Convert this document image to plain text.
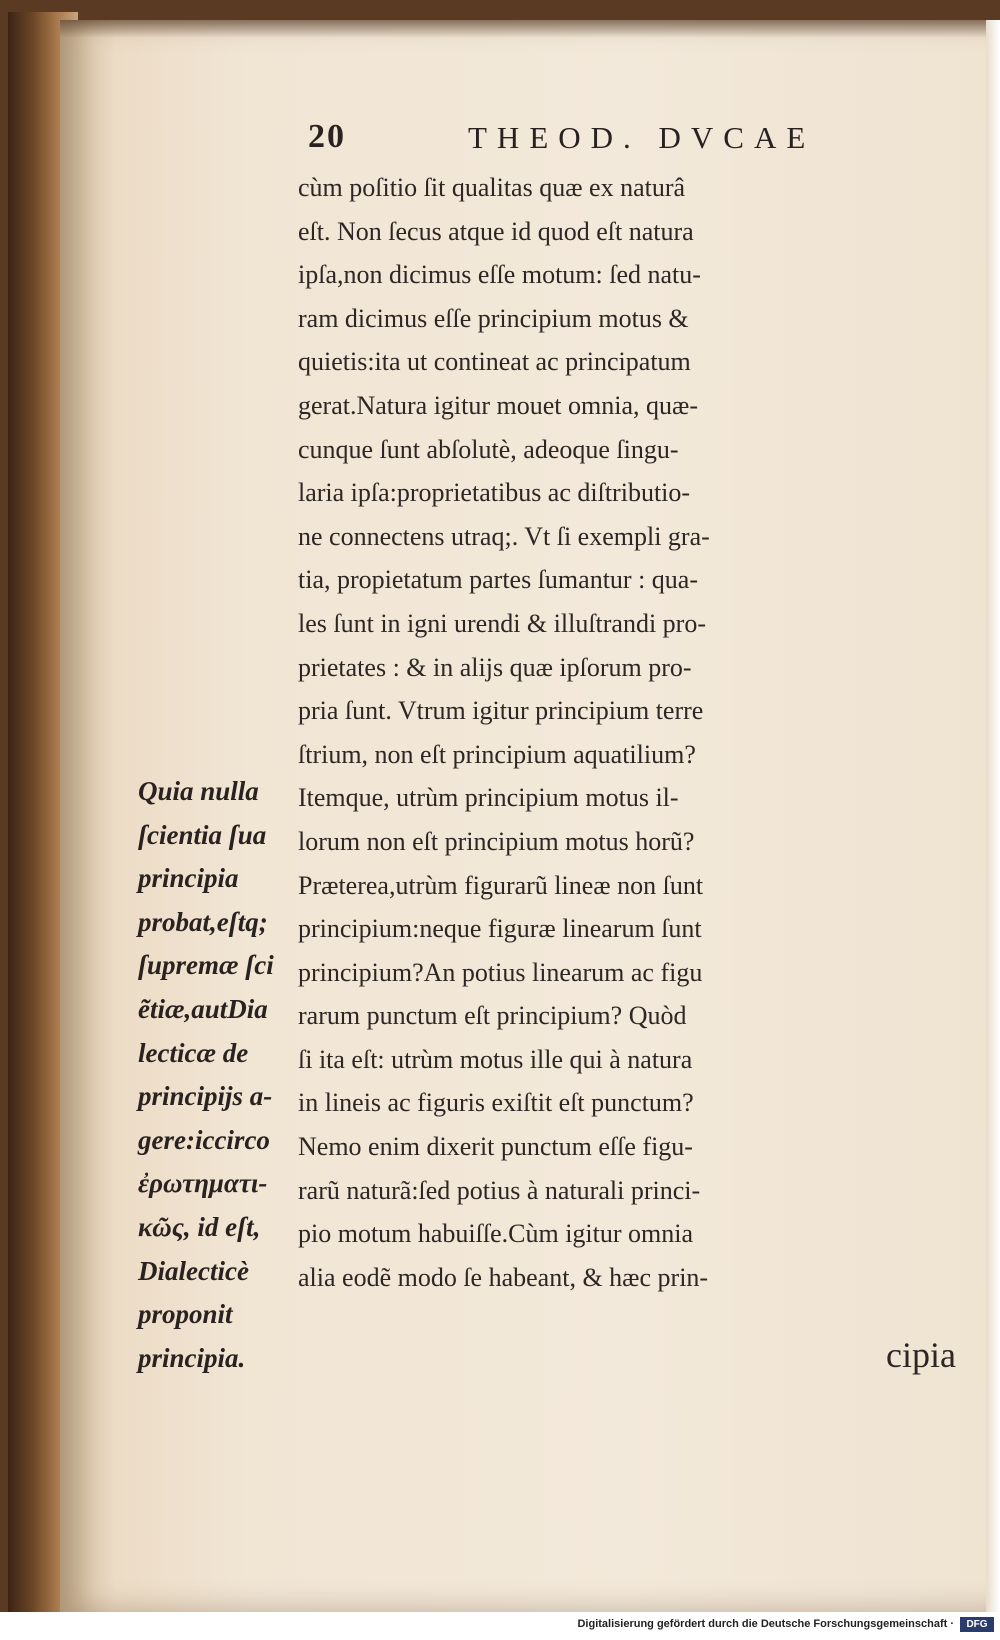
20	THEOD. DVCAE
cùm poſitio ſit qualitas quæ ex naturâ
eſt. Non ſecus atque id quod eſt natura
ipſa,non dicimus eſſe motum: ſed natu-
ram dicimus eſſe principium motus &
quietis:ita ut contineat ac principatum
gerat.Natura igitur mouet omnia, quæ-
cunque ſunt abſolutè, adeoque ſingu-
laria ipſa:proprietatibus ac diſtributio-
ne connectens utraq;. Vt ſi exempli gra-
tia, propietatum partes ſumantur : qua-
les ſunt in igni urendi & illuſtrandi pro-
prietates : & in alijs quæ ipſorum pro-
pria ſunt. Vtrum igitur principium terre
ſtrium, non eſt principium aquatilium?
Itemque, utrùm principium motus il-
lorum non eſt principium motus horũ?
Præterea,utrùm figurarũ lineæ non ſunt
principium:neque figuræ linearum ſunt
principium?An potius linearum ac figu
rarum punctum eſt principium? Quòd
ſi ita eſt: utrùm motus ille qui à natura
in lineis ac figuris exiſtit eſt punctum?
Nemo enim dixerit punctum eſſe figu-
rarũ naturã:ſed potius à naturali princi-
pio motum habuiſſe.Cùm igitur omnia
alia eodẽ modo ſe habeant, & hæc prin-
cipia
Quia nulla
ſcientia ſua
principia
probat,eſtq;
ſupremæ ſci
ẽtiæ,autDia
lecticæ de
principijs a-
gere:iccirco
ἐρωτηματι-
κῶς, id eſt,
Dialecticè
proponit
principia.
Digitalisierung gefördert durch die Deutsche Forschungsgemeinschaft ·	DFG
